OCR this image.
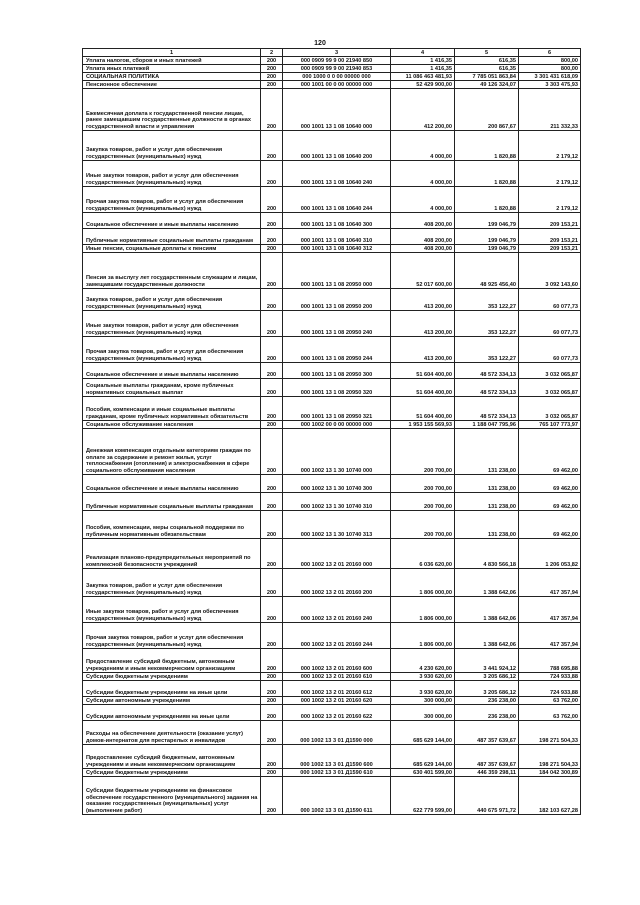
120
1	2	3	4	5	6
Уплата налогов, сборов и иных платежей	200	000 0909 99 9 00 21940 850	1 416,35	616,35	800,00
Уплата иных платежей	200	000 0909 99 9 00 21940 853	1 416,35	616,35	800,00
СОЦИАЛЬНАЯ ПОЛИТИКА	200	000 1000 0 0 00 00000 000	11 086 463 481,93	7 785 051 863,84	3 301 431 618,09
Пенсионное обеспечение	200	000 1001 00 0 00 00000 000	52 429 900,00	49 126 324,07	3 303 475,93
Ежемесячная доплата к государственной пенсии лицам, ранее замещавшим государственные должности в органах государственной власти и управления	200	000 1001 13 1 08 10640 000	412 200,00	200 867,67	211 332,33
Закупка товаров, работ и услуг для обеспечения государственных (муниципальных) нужд	200	000 1001 13 1 08 10640 200	4 000,00	1 820,88	2 179,12
Иные закупки товаров, работ и услуг для обеспечения государственных (муниципальных) нужд	200	000 1001 13 1 08 10640 240	4 000,00	1 820,88	2 179,12
Прочая закупка товаров, работ и услуг для обеспечения государственных (муниципальных) нужд	200	000 1001 13 1 08 10640 244	4 000,00	1 820,88	2 179,12
Социальное обеспечение и иные выплаты населению	200	000 1001 13 1 08 10640 300	408 200,00	199 046,79	209 153,21
Публичные нормативные социальные выплаты гражданам	200	000 1001 13 1 08 10640 310	408 200,00	199 046,79	209 153,21
Иные пенсии, социальные доплаты к пенсиям	200	000 1001 13 1 08 10640 312	408 200,00	199 046,79	209 153,21
Пенсия за выслугу лет государственным служащим и лицам, замещавшим государственные должности	200	000 1001 13 1 08 20950 000	52 017 600,00	48 925 456,40	3 092 143,60
Закупка товаров, работ и услуг для обеспечения государственных (муниципальных) нужд	200	000 1001 13 1 08 20950 200	413 200,00	353 122,27	60 077,73
Иные закупки товаров, работ и услуг для обеспечения государственных (муниципальных) нужд	200	000 1001 13 1 08 20950 240	413 200,00	353 122,27	60 077,73
Прочая закупка товаров, работ и услуг для обеспечения государственных (муниципальных) нужд	200	000 1001 13 1 08 20950 244	413 200,00	353 122,27	60 077,73
Социальное обеспечение и иные выплаты населению	200	000 1001 13 1 08 20950 300	51 604 400,00	48 572 334,13	3 032 065,87
Социальные выплаты гражданам, кроме публичных нормативных социальных выплат	200	000 1001 13 1 08 20950 320	51 604 400,00	48 572 334,13	3 032 065,87
Пособия, компенсации и иные социальные выплаты гражданам, кроме публичных нормативных обязательств	200	000 1001 13 1 08 20950 321	51 604 400,00	48 572 334,13	3 032 065,87
Социальное обслуживание населения	200	000 1002 00 0 00 00000 000	1 953 155 569,93	1 188 047 795,96	765 107 773,97
Денежная компенсация отдельным категориям граждан по оплате за содержание и ремонт жилья, услуг теплоснабжения (отопления) и электроснабжения в сфере социального обслуживания населения	200	000 1002 13 1 30 10740 000	200 700,00	131 238,00	69 462,00
Социальное обеспечение и иные выплаты населению	200	000 1002 13 1 30 10740 300	200 700,00	131 238,00	69 462,00
Публичные нормативные социальные выплаты гражданам	200	000 1002 13 1 30 10740 310	200 700,00	131 238,00	69 462,00
Пособия, компенсации, меры социальной поддержки по публичным нормативным обязательствам	200	000 1002 13 1 30 10740 313	200 700,00	131 238,00	69 462,00
Реализация планово-предупредительных мероприятий по комплексной безопасности учреждений	200	000 1002 13 2 01 20160 000	6 036 620,00	4 830 566,18	1 206 053,82
Закупка товаров, работ и услуг для обеспечения государственных (муниципальных) нужд	200	000 1002 13 2 01 20160 200	1 806 000,00	1 388 642,06	417 357,94
Иные закупки товаров, работ и услуг для обеспечения государственных (муниципальных) нужд	200	000 1002 13 2 01 20160 240	1 806 000,00	1 388 642,06	417 357,94
Прочая закупка товаров, работ и услуг для обеспечения государственных (муниципальных) нужд	200	000 1002 13 2 01 20160 244	1 806 000,00	1 388 642,06	417 357,94
Предоставление субсидий бюджетным, автономным учреждениям и иным некоммерческим организациям	200	000 1002 13 2 01 20160 600	4 230 620,00	3 441 924,12	788 695,88
Субсидии бюджетным учреждениям	200	000 1002 13 2 01 20160 610	3 930 620,00	3 205 686,12	724 933,88
Субсидии бюджетным учреждениям на иные цели	200	000 1002 13 2 01 20160 612	3 930 620,00	3 205 686,12	724 933,88
Субсидии автономным учреждениям	200	000 1002 13 2 01 20160 620	300 000,00	236 238,00	63 762,00
Субсидии автономным учреждениям на иные цели	200	000 1002 13 2 01 20160 622	300 000,00	236 238,00	63 762,00
Расходы на обеспечение деятельности (оказание услуг) домов-интернатов для престарелых и инвалидов	200	000 1002 13 3 01 Д1590 000	685 629 144,00	487 357 639,67	198 271 504,33
Предоставление субсидий бюджетным, автономным учреждениям и иным некоммерческим организациям	200	000 1002 13 3 01 Д1590 600	685 629 144,00	487 357 639,67	198 271 504,33
Субсидии бюджетным учреждениям	200	000 1002 13 3 01 Д1590 610	630 401 599,00	446 359 298,11	184 042 300,89
Субсидии бюджетным учреждениям на финансовое обеспечение государственного (муниципального) задания на оказание государственных (муниципальных) услуг (выполнение работ)	200	000 1002 13 3 01 Д1590 611	622 779 599,00	440 675 971,72	182 103 627,28
